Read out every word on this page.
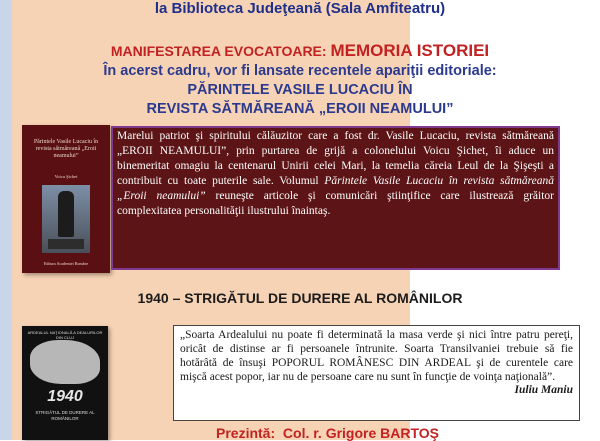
la Biblioteca Judeţeană (Sala Amfiteatru)
MANIFESTAREA EVOCATOARE: MEMORIA ISTORIEI
În acerst cadru, vor fi lansate recentele apariţii editoriale:
PĂRINTELE VASILE LUCACIU ÎN
REVISTA SĂTMĂREANĂ „EROII NEAMULUI”
Părintele Vasile Lucaciu în revista sătmăreană „Eroii neamului”
Voicu Şichet
Editura Academiei Române
Marelui patriot şi spiritului călăuzitor care a fost dr. Vasile Lucaciu, revista sătmăreană „EROII NEAMULUI”, prin purtarea de grijă a colonelului Voicu Şichet, îi aduce un binemeritat omagiu la centenarul Unirii celei Mari, la temelia căreia Leul de la Şişeşti a contribuit cu toate puterile sale. Volumul Părintele Vasile Lucaciu în revista sătmăreană „Eroii neamului” reuneşte articole şi comunicări ştiinţifice care ilustrează grăitor complexitatea personalităţii ilustrului înaintaş.
1940 – STRIGĂTUL DE DURERE AL ROMÂNILOR
ARDEALUL NAŢIONALĂ A DEALURILOR DIN CLUJ
1940
STRIGĂTUL DE DURERE AL ROMÂNILOR
„Soarta Ardealului nu poate fi determinată la masa verde şi nici între patru pereţi, oricât de distinse ar fi persoanele întrunite. Soarta Transilvaniei trebuie să fie hotărâtă de însuşi POPORUL ROMÂNESC DIN ARDEAL şi de curentele care mişcă acest popor, iar nu de persoane care nu sunt în funcţie de voinţa naţională”.
Iuliu Maniu
Prezintă: Col. r. Grigore BARTOŞ
